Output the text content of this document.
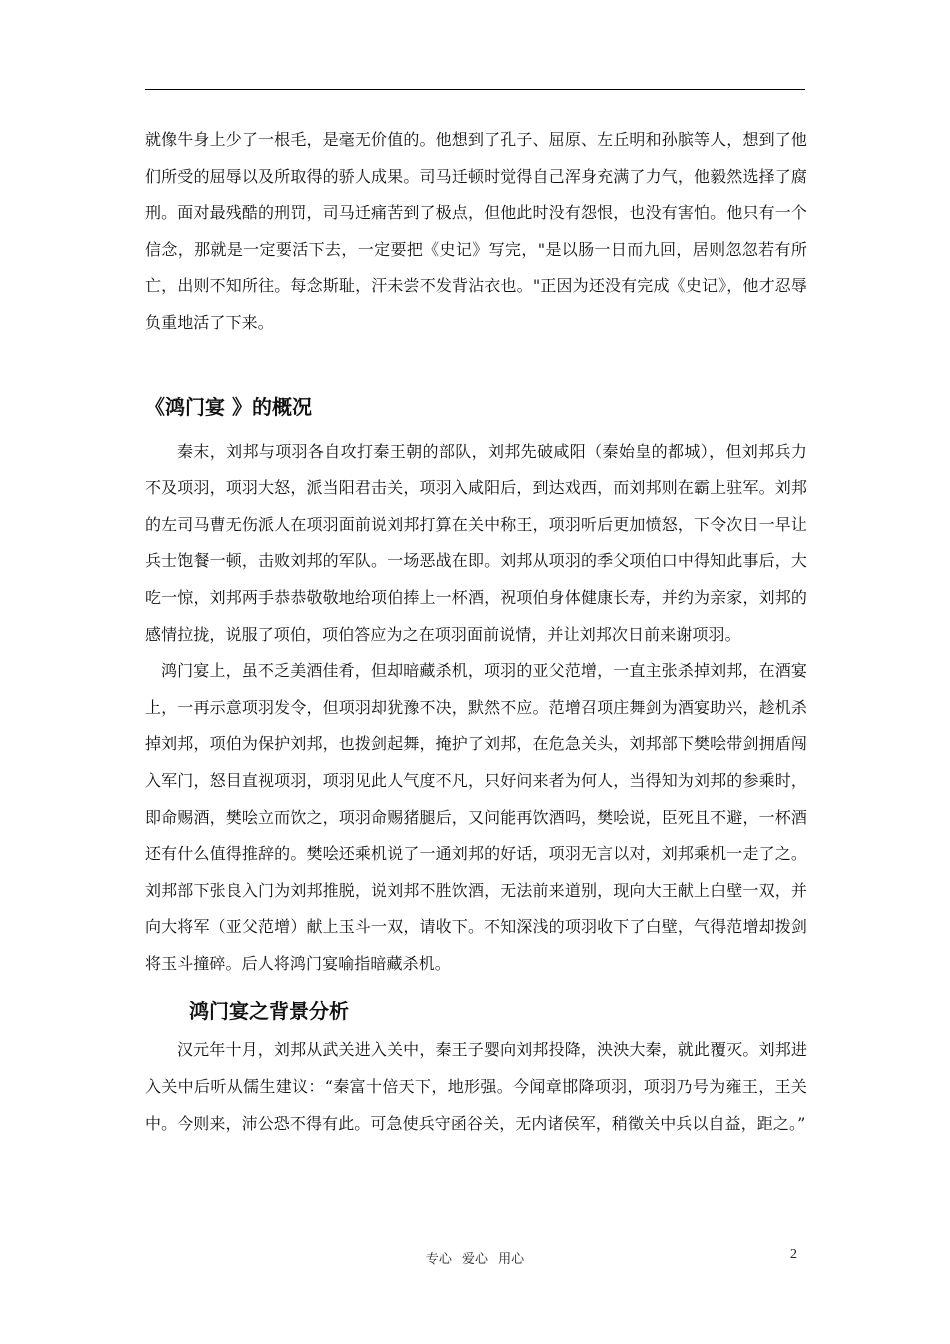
就像牛身上少了一根毛，是毫无价值的。他想到了孔子、屈原、左丘明和孙膑等人，想到了他们所受的屈辱以及所取得的骄人成果。司马迁顿时觉得自己浑身充满了力气，他毅然选择了腐刑。面对最残酷的刑罚，司马迁痛苦到了极点，但他此时没有怨恨，也没有害怕。他只有一个信念，那就是一定要活下去，一定要把《史记》写完，"是以肠一日而九回，居则忽忽若有所亡，出则不知所往。每念斯耻，汗未尝不发背沾衣也。"正因为还没有完成《史记》，他才忍辱负重地活了下来。

《鸿门宴 》的概况

秦末，刘邦与项羽各自攻打秦王朝的部队，刘邦先破咸阳（秦始皇的都城），但刘邦兵力不及项羽，项羽大怒，派当阳君击关，项羽入咸阳后，到达戏西，而刘邦则在霸上驻军。刘邦的左司马曹无伤派人在项羽面前说刘邦打算在关中称王，项羽听后更加愤怒，下令次日一早让兵士饱餐一顿，击败刘邦的军队。一场恶战在即。刘邦从项羽的季父项伯口中得知此事后，大吃一惊，刘邦两手恭恭敬敬地给项伯捧上一杯酒，祝项伯身体健康长寿，并约为亲家，刘邦的感情拉拢，说服了项伯，项伯答应为之在项羽面前说情，并让刘邦次日前来谢项羽。

鸿门宴上，虽不乏美酒佳肴，但却暗藏杀机，项羽的亚父范增，一直主张杀掉刘邦，在酒宴上，一再示意项羽发令，但项羽却犹豫不决，默然不应。范增召项庄舞剑为酒宴助兴，趁机杀掉刘邦，项伯为保护刘邦，也拨剑起舞，掩护了刘邦，在危急关头，刘邦部下樊哙带剑拥盾闯入军门，怒目直视项羽，项羽见此人气度不凡，只好问来者为何人，当得知为刘邦的参乘时，即命赐酒，樊哙立而饮之，项羽命赐猪腿后，又问能再饮酒吗，樊哙说，臣死且不避，一杯酒还有什么值得推辞的。樊哙还乘机说了一通刘邦的好话，项羽无言以对，刘邦乘机一走了之。刘邦部下张良入门为刘邦推脱，说刘邦不胜饮酒，无法前来道别，现向大王献上白壁一双，并向大将军（亚父范增）献上玉斗一双，请收下。不知深浅的项羽收下了白壁，气得范增却拨剑将玉斗撞碎。后人将鸿门宴喻指暗藏杀机。

鸿门宴之背景分析

汉元年十月，刘邦从武关进入关中，秦王子婴向刘邦投降，泱泱大秦，就此覆灭。刘邦进入关中后听从儒生建议：“秦富十倍天下，地形强。今闻章邯降项羽，项羽乃号为雍王，王关中。今则来，沛公恐不得有此。可急使兵守函谷关，无内诸侯军，稍徵关中兵以自益，距之。”

专心 爱心 用心	2
